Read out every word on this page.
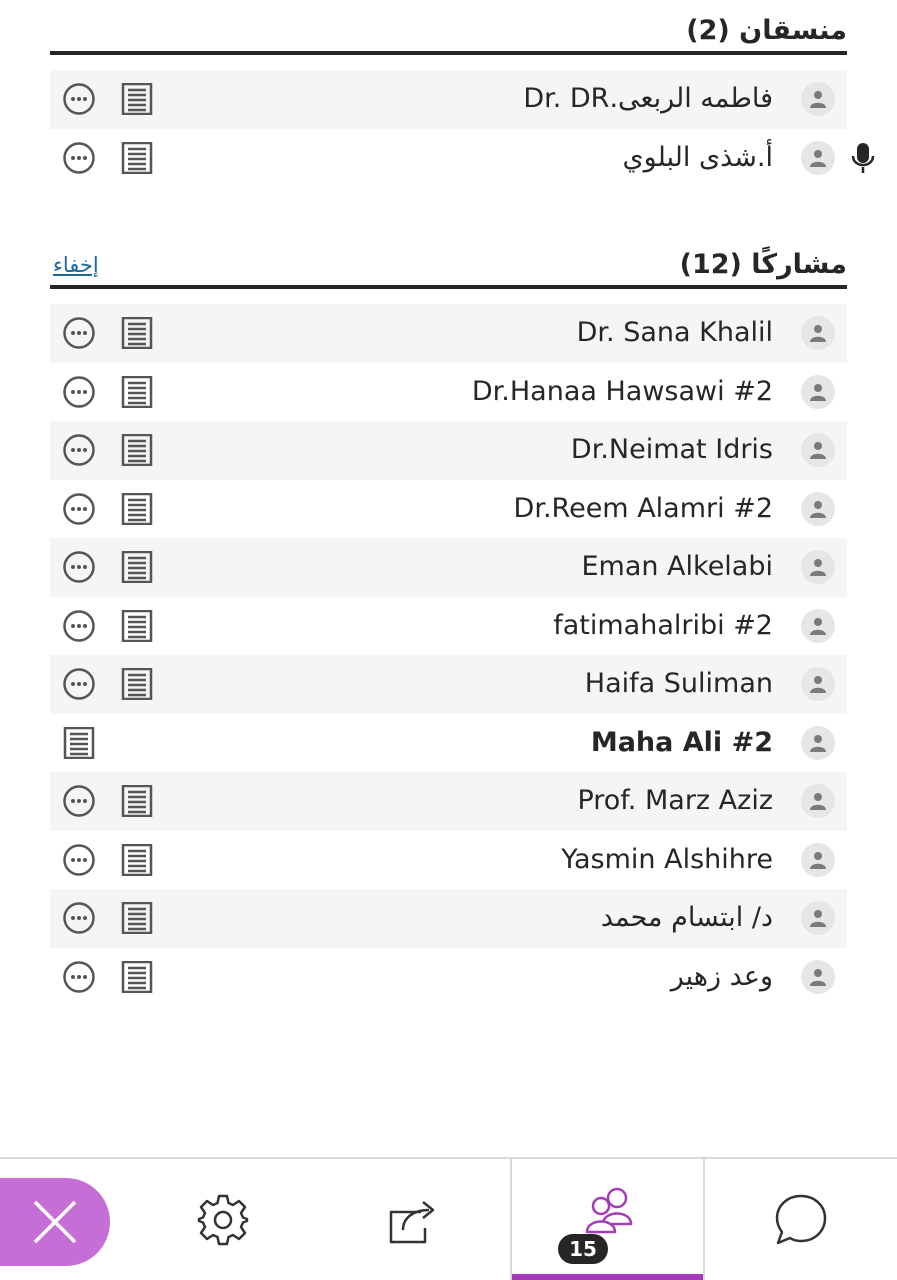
منسقان (2)
فاطمه الربعى.Dr. DR
أ.شذى البلوي
مشاركًا (12)
إخفاء
Dr. Sana Khalil
Dr.Hanaa Hawsawi #2
Dr.Neimat Idris
Dr.Reem Alamri #2
Eman Alkelabi
fatimahalribi #2
Haifa Suliman
Maha Ali #2
Prof. Marz Aziz
Yasmin Alshihre
د/ ابتسام محمد
وعد زهير
15
